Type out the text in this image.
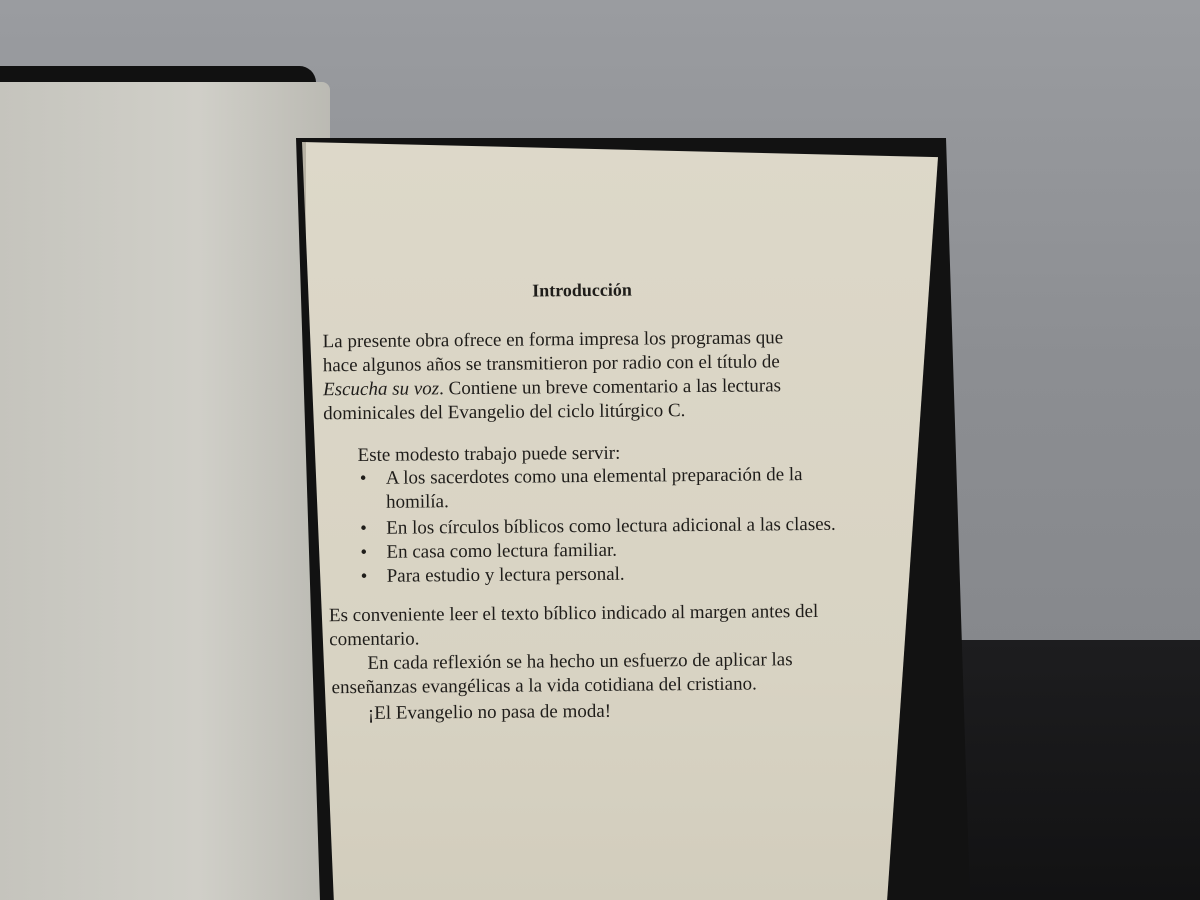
Introducción
La presente obra ofrece en forma impresa los programas que
hace algunos años se transmitieron por radio con el título de
Escucha su voz. Contiene un breve comentario a las lecturas dominicales del Evangelio del ciclo litúrgico C.
Este modesto trabajo puede servir:
• A los sacerdotes como una elemental preparación de la homilía.
• En los círculos bíblicos como lectura adicional a las clases.
• En casa como lectura familiar.
• Para estudio y lectura personal.
Es conveniente leer el texto bíblico indicado al margen antes del comentario.
En cada reflexión se ha hecho un esfuerzo de aplicar las enseñanzas evangélicas a la vida cotidiana del cristiano.
¡El Evangelio no pasa de moda!
